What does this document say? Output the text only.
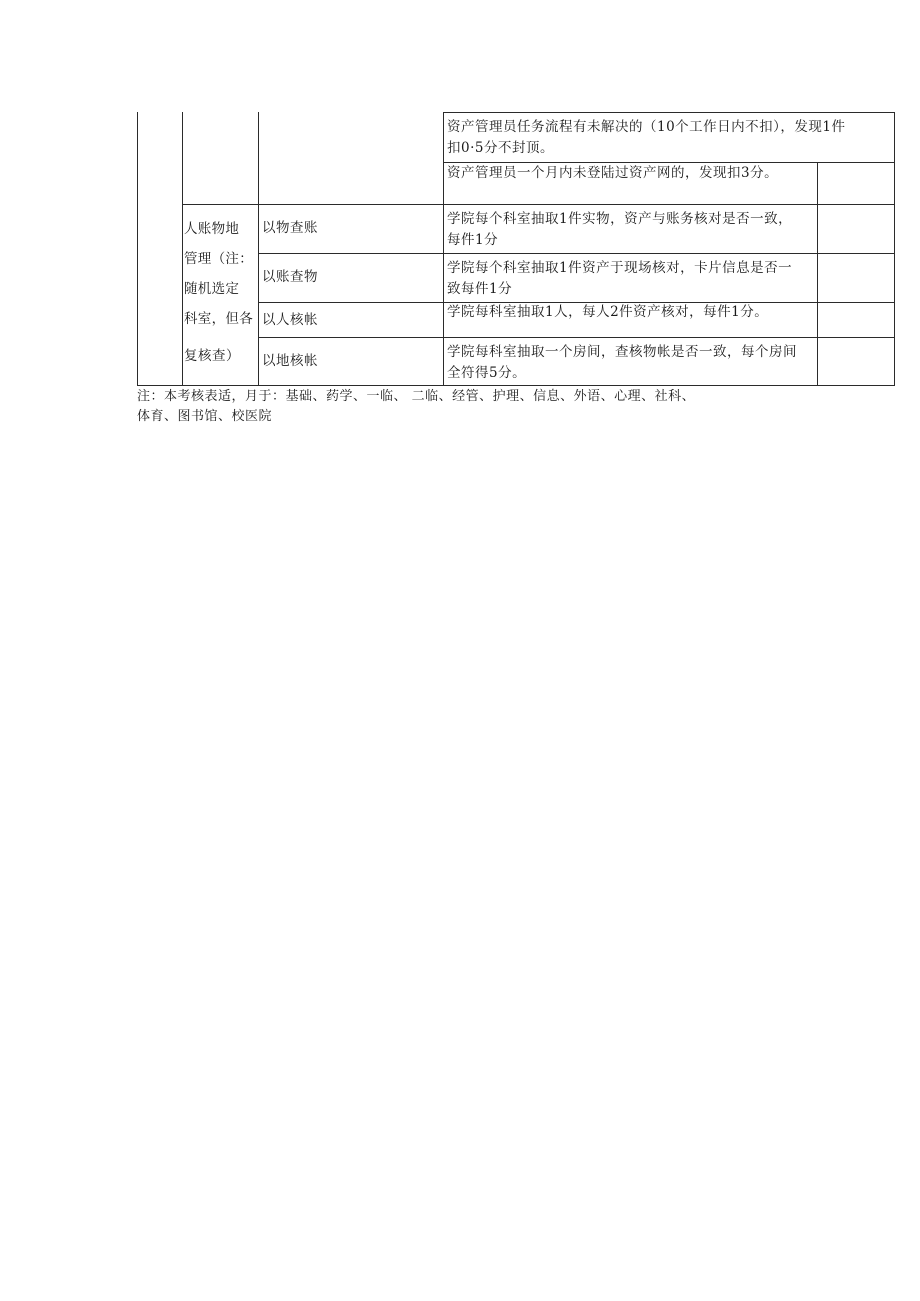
资产管理员任务流程有未解决的（10个工作日内不扣），发现1件
扣0·5分不封顶。
资产管理员一个月内未登陆过资产网的，发现扣3分。
人账物地
管理（注：
随机选定
科室，但各
复核查）
以物查账
学院每个科室抽取1件实物，资产与账务核对是否一致，
每件1分
以账查物
学院每个科室抽取1件资产于现场核对，卡片信息是否一
致每件1分
以人核帐	学院每科室抽取1人，每人2件资产核对，每件1分。
以地核帐
学院每科室抽取一个房间，查核物帐是否一致，每个房间
全符得5分。
注：本考核表适，月于：基础、药学、一临、 二临、经管、护理、信息、外语、心理、社科、
体育、图书馆、校医院
